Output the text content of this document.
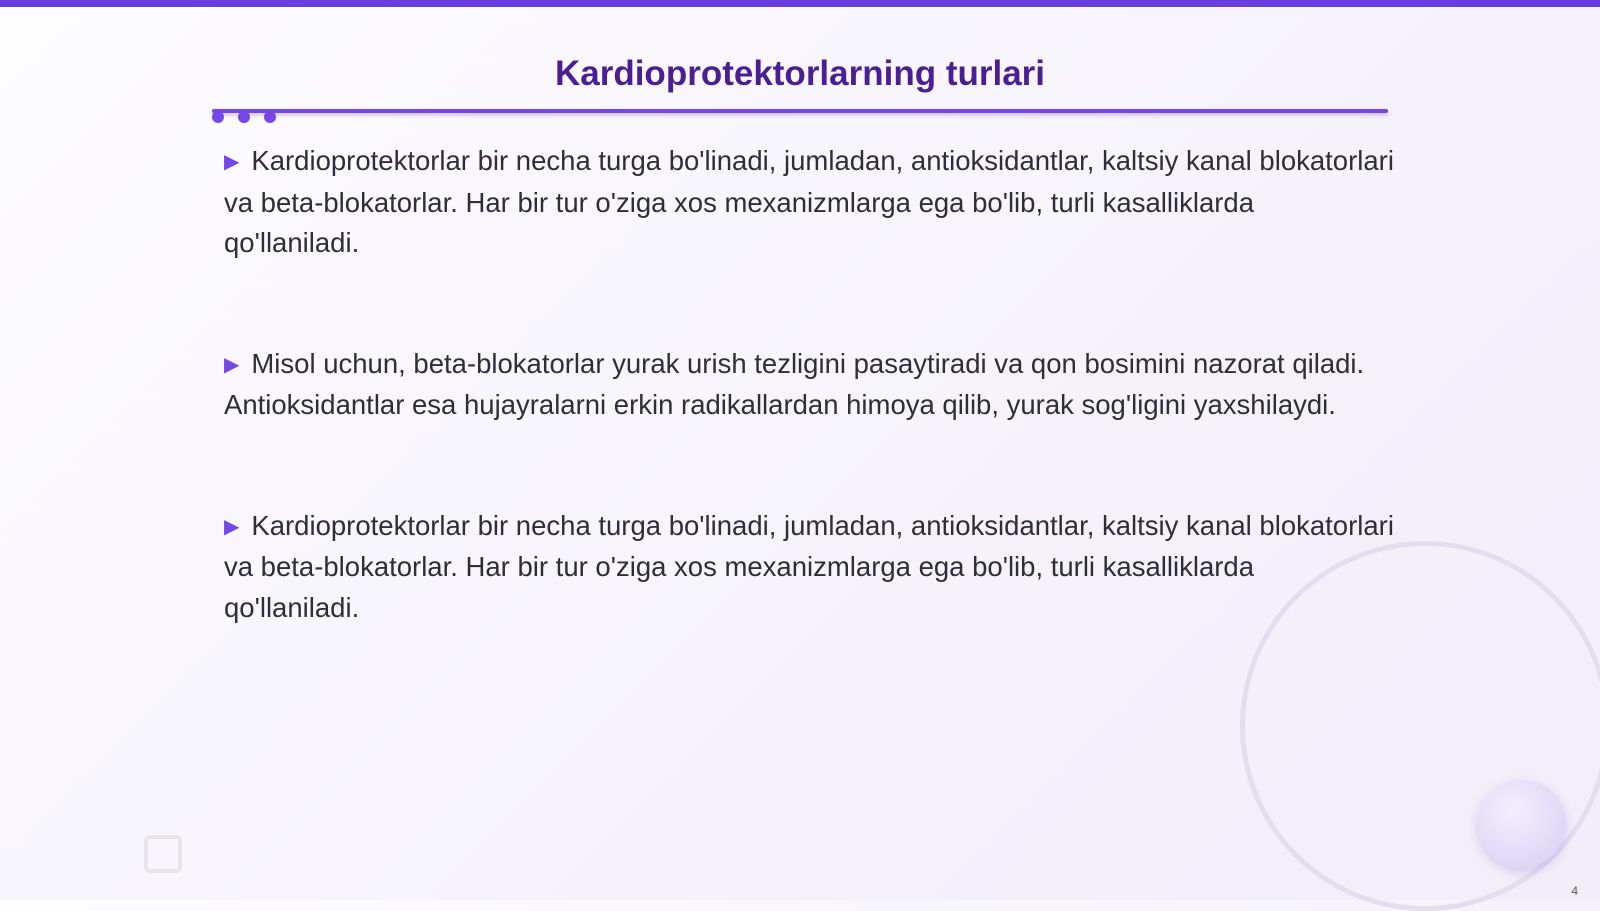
Kardioprotektorlarning turlari

▶ Kardioprotektorlar bir necha turga bo'linadi, jumladan, antioksidantlar, kaltsiy kanal blokatorlari va beta-blokatorlar. Har bir tur o'ziga xos mexanizmlarga ega bo'lib, turli kasalliklarda qo'llaniladi.

▶ Misol uchun, beta-blokatorlar yurak urish tezligini pasaytiradi va qon bosimini nazorat qiladi. Antioksidantlar esa hujayralarni erkin radikallardan himoya qilib, yurak sog'ligini yaxshilaydi.

▶ Kardioprotektorlar bir necha turga bo'linadi, jumladan, antioksidantlar, kaltsiy kanal blokatorlari va beta-blokatorlar. Har bir tur o'ziga xos mexanizmlarga ega bo'lib, turli kasalliklarda qo'llaniladi.

4
